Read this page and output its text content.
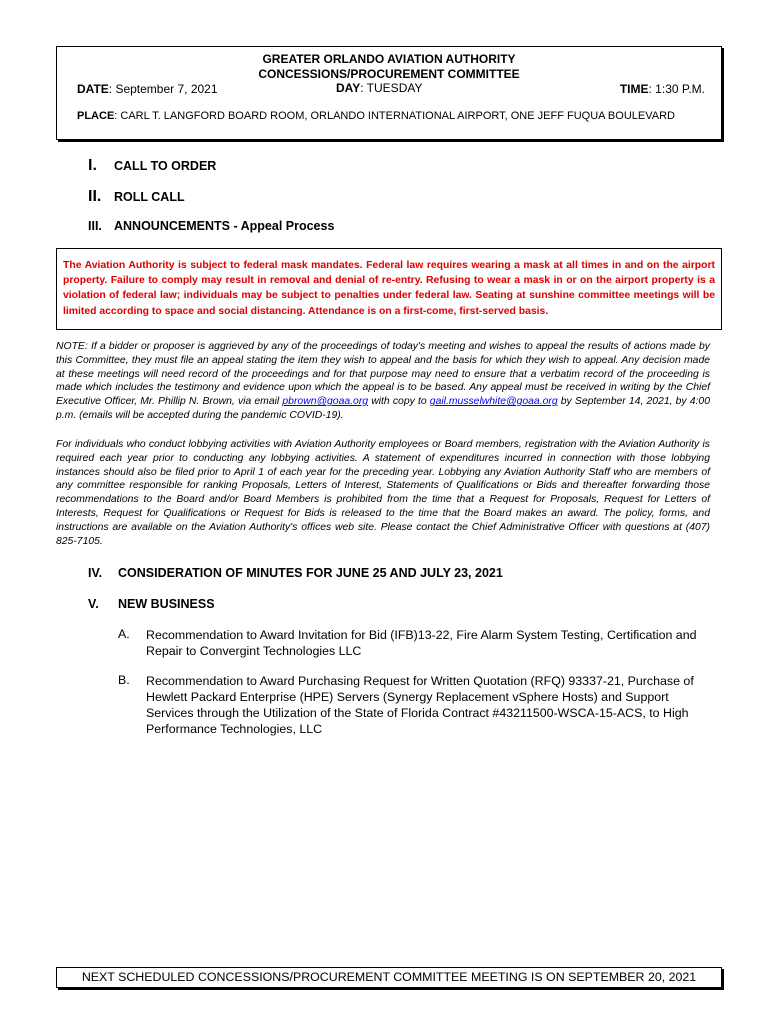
GREATER ORLANDO AVIATION AUTHORITY
CONCESSIONS/PROCUREMENT COMMITTEE
DATE: September 7, 2021	DAY: TUESDAY	TIME: 1:30 P.M.
PLACE: CARL T. LANGFORD BOARD ROOM, ORLANDO INTERNATIONAL AIRPORT, ONE JEFF FUQUA BOULEVARD
I. CALL TO ORDER
II. ROLL CALL
III. ANNOUNCEMENTS - Appeal Process
The Aviation Authority is subject to federal mask mandates. Federal law requires wearing a mask at all times in and on the airport property. Failure to comply may result in removal and denial of re-entry. Refusing to wear a mask in or on the airport property is a violation of federal law; individuals may be subject to penalties under federal law. Seating at sunshine committee meetings will be limited according to space and social distancing. Attendance is on a first-come, first-served basis.
NOTE: If a bidder or proposer is aggrieved by any of the proceedings of today's meeting and wishes to appeal the results of actions made by this Committee, they must file an appeal stating the item they wish to appeal and the basis for which they wish to appeal. Any decision made at these meetings will need record of the proceedings and for that purpose may need to ensure that a verbatim record of the proceeding is made which includes the testimony and evidence upon which the appeal is to be based. Any appeal must be received in writing by the Chief Executive Officer, Mr. Phillip N. Brown, via email pbrown@goaa.org with copy to gail.musselwhite@goaa.org by September 14, 2021, by 4:00 p.m. (emails will be accepted during the pandemic COVID-19).
For individuals who conduct lobbying activities with Aviation Authority employees or Board members, registration with the Aviation Authority is required each year prior to conducting any lobbying activities. A statement of expenditures incurred in connection with those lobbying instances should also be filed prior to April 1 of each year for the preceding year. Lobbying any Aviation Authority Staff who are members of any committee responsible for ranking Proposals, Letters of Interest, Statements of Qualifications or Bids and thereafter forwarding those recommendations to the Board and/or Board Members is prohibited from the time that a Request for Proposals, Request for Letters of Interests, Request for Qualifications or Request for Bids is released to the time that the Board makes an award. The policy, forms, and instructions are available on the Aviation Authority's offices web site. Please contact the Chief Administrative Officer with questions at (407) 825-7105.
IV. CONSIDERATION OF MINUTES FOR JUNE 25 AND JULY 23, 2021
V. NEW BUSINESS
A. Recommendation to Award Invitation for Bid (IFB)13-22, Fire Alarm System Testing, Certification and Repair to Convergint Technologies LLC
B. Recommendation to Award Purchasing Request for Written Quotation (RFQ) 93337-21, Purchase of Hewlett Packard Enterprise (HPE) Servers (Synergy Replacement vSphere Hosts) and Support Services through the Utilization of the State of Florida Contract #43211500-WSCA-15-ACS, to High Performance Technologies, LLC
NEXT SCHEDULED CONCESSIONS/PROCUREMENT COMMITTEE MEETING IS ON SEPTEMBER 20, 2021
